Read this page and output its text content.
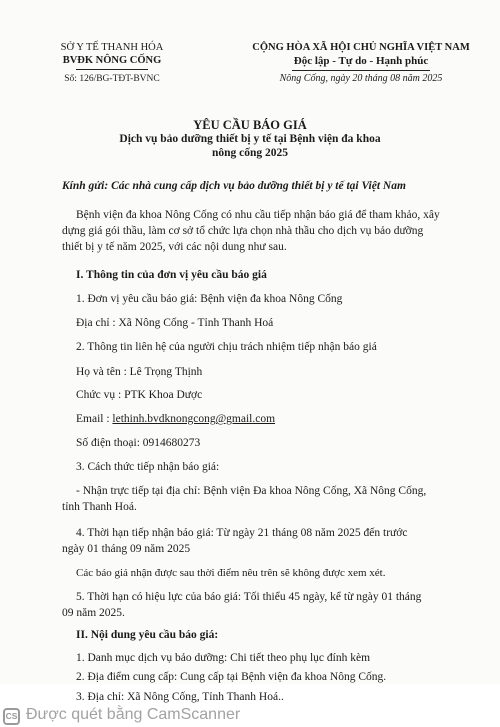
SỞ Y TẾ THANH HÓA
BVĐK NÔNG CỐNG
Số: 126/BG-TĐT-BVNC
CỘNG HÒA XÃ HỘI CHỦ NGHĨA VIỆT NAM
Độc lập - Tự do - Hạnh phúc
Nông Cống, ngày 20 tháng 08 năm 2025
YÊU CẦU BÁO GIÁ
Dịch vụ bảo dưỡng thiết bị y tế tại Bệnh viện đa khoa
nông cống 2025
Kính gửi: Các nhà cung cấp dịch vụ bảo dưỡng thiết bị y tế tại Việt Nam
Bệnh viện đa khoa Nông Cống có nhu cầu tiếp nhận báo giá để tham khảo, xây
dựng giá gói thầu, làm cơ sở tổ chức lựa chọn nhà thầu cho dịch vụ bảo dưỡng
thiết bị y tế năm 2025, với các nội dung như sau.
I. Thông tin của đơn vị yêu cầu báo giá
1. Đơn vị yêu cầu báo giá: Bệnh viện đa khoa Nông Cống
Địa chỉ : Xã Nông Cống - Tỉnh Thanh Hoá
2. Thông tin liên hệ của người chịu trách nhiệm tiếp nhận báo giá
Họ và tên : Lê Trọng Thịnh
Chức vụ : PTK Khoa Dược
Email : lethinh.bvdknongcong@gmail.com
Số điện thoại: 0914680273
3. Cách thức tiếp nhận báo giá:
- Nhận trực tiếp tại địa chỉ: Bệnh viện Đa khoa Nông Cống, Xã Nông Cống,
tỉnh Thanh Hoá.
4. Thời hạn tiếp nhận báo giá: Từ ngày 21 tháng 08 năm 2025 đến trước
ngày 01 tháng 09 năm 2025
Các báo giá nhận được sau thời điểm nêu trên sẽ không được xem xét.
5. Thời hạn có hiệu lực của báo giá: Tối thiểu 45 ngày, kể từ ngày 01 tháng
09 năm 2025.
II. Nội dung yêu cầu báo giá:
1. Danh mục dịch vụ bảo dưỡng: Chi tiết theo phụ lục đính kèm
2. Địa điểm cung cấp: Cung cấp tại Bệnh viện đa khoa Nông Cống.
3. Địa chỉ: Xã Nông Cống, Tỉnh Thanh Hoá..
CS Được quét bằng CamScanner
